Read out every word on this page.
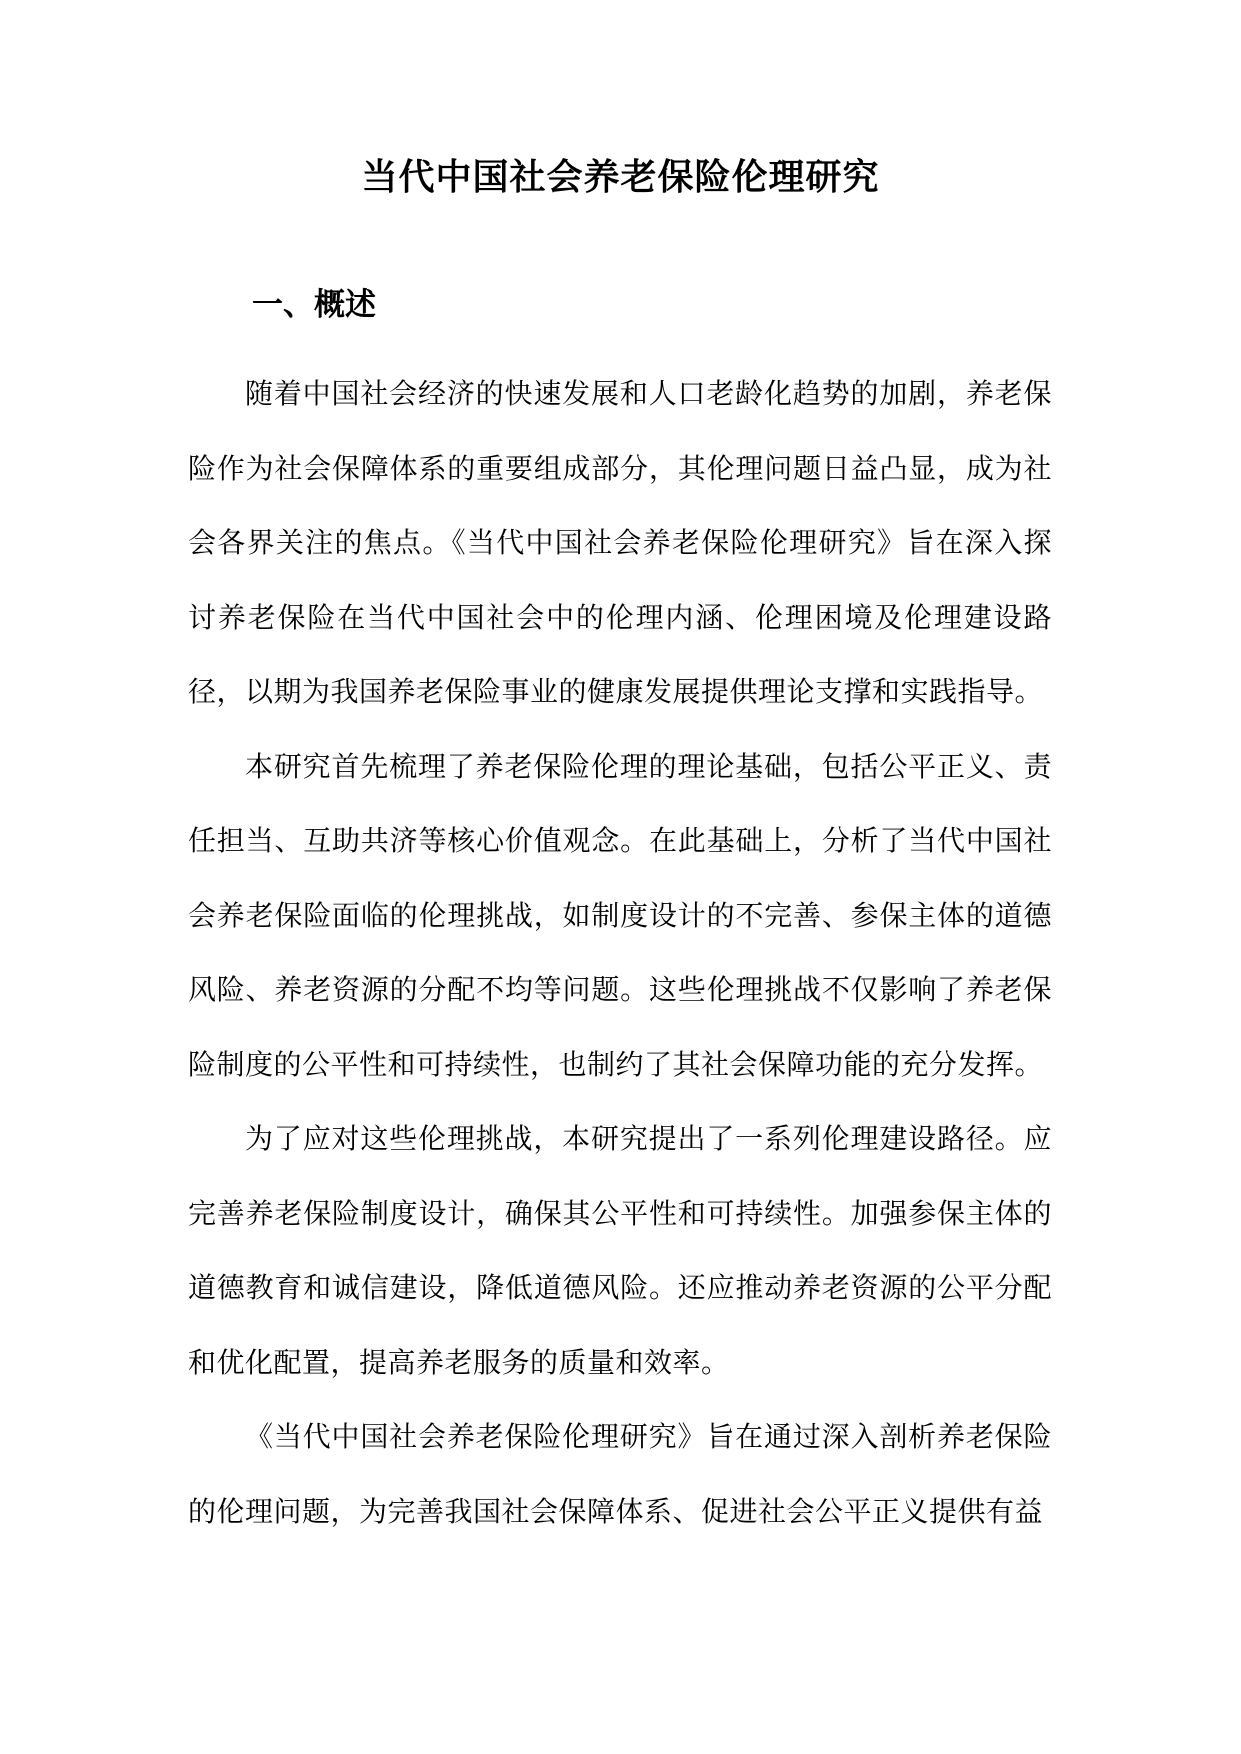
当代中国社会养老保险伦理研究
一、概述

随着中国社会经济的快速发展和人口老龄化趋势的加剧，养老保险作为社会保障体系的重要组成部分，其伦理问题日益凸显，成为社会各界关注的焦点。《当代中国社会养老保险伦理研究》旨在深入探讨养老保险在当代中国社会中的伦理内涵、伦理困境及伦理建设路径，以期为我国养老保险事业的健康发展提供理论支撑和实践指导。

本研究首先梳理了养老保险伦理的理论基础，包括公平正义、责任担当、互助共济等核心价值观念。在此基础上，分析了当代中国社会养老保险面临的伦理挑战，如制度设计的不完善、参保主体的道德风险、养老资源的分配不均等问题。这些伦理挑战不仅影响了养老保险制度的公平性和可持续性，也制约了其社会保障功能的充分发挥。

为了应对这些伦理挑战，本研究提出了一系列伦理建设路径。应完善养老保险制度设计，确保其公平性和可持续性。加强参保主体的道德教育和诚信建设，降低道德风险。还应推动养老资源的公平分配和优化配置，提高养老服务的质量和效率。

《当代中国社会养老保险伦理研究》旨在通过深入剖析养老保险的伦理问题，为完善我国社会保障体系、促进社会公平正义提供有益
